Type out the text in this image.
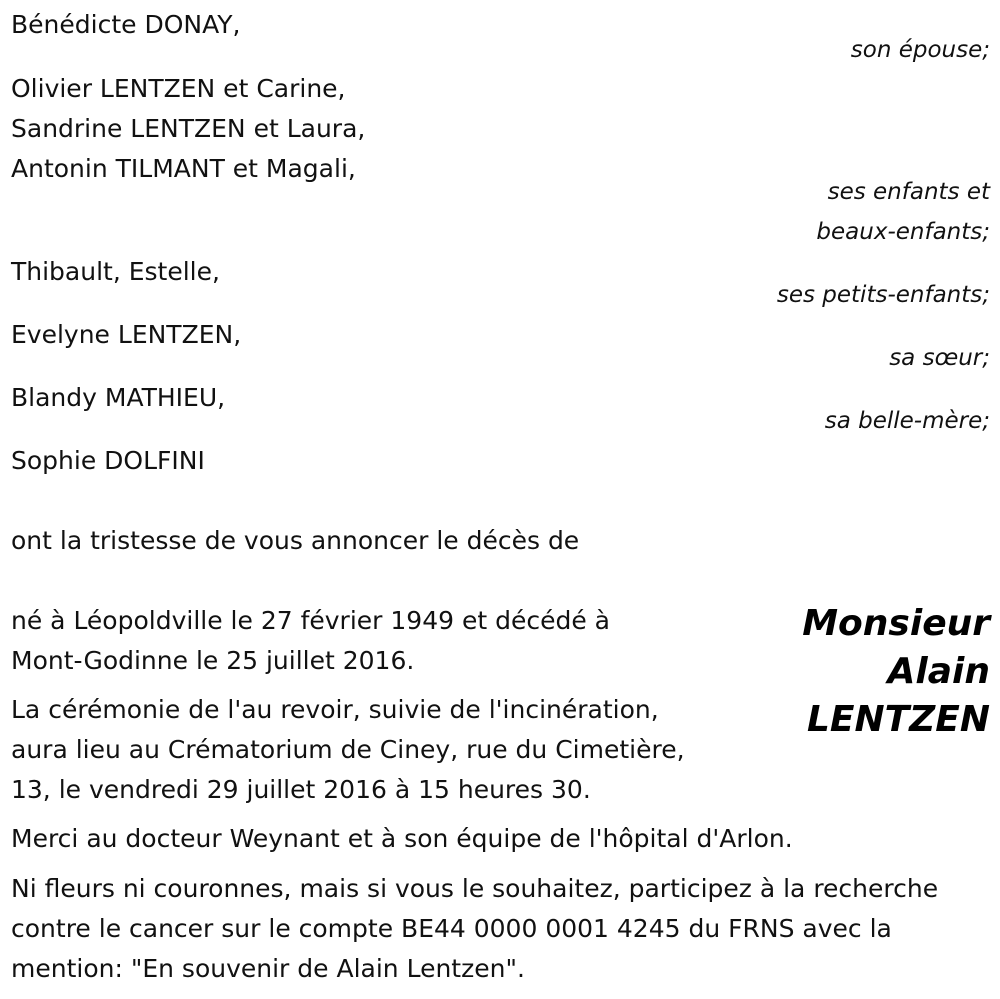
Bénédicte DONAY,
son épouse;
Olivier LENTZEN et Carine,
Sandrine LENTZEN et Laura,
Antonin TILMANT et Magali,
ses enfants et
beaux-enfants;
Thibault, Estelle,
ses petits-enfants;
Evelyne LENTZEN,
sa sœur;
Blandy MATHIEU,
sa belle-mère;
Sophie DOLFINI
ont la tristesse de vous annoncer le décès de
Monsieur
Alain
LENTZEN
né à Léopoldville le 27 février 1949 et décédé à
Mont-Godinne le 25 juillet 2016.
La cérémonie de l'au revoir, suivie de l'incinération,
aura lieu au Crématorium de Ciney, rue du Cimetière,
13, le vendredi 29 juillet 2016 à 15 heures 30.
Merci au docteur Weynant et à son équipe de l'hôpital d'Arlon.
Ni fleurs ni couronnes, mais si vous le souhaitez, participez à la recherche
contre le cancer sur le compte BE44 0000 0001 4245 du FRNS avec la
mention: "En souvenir de Alain Lentzen".
